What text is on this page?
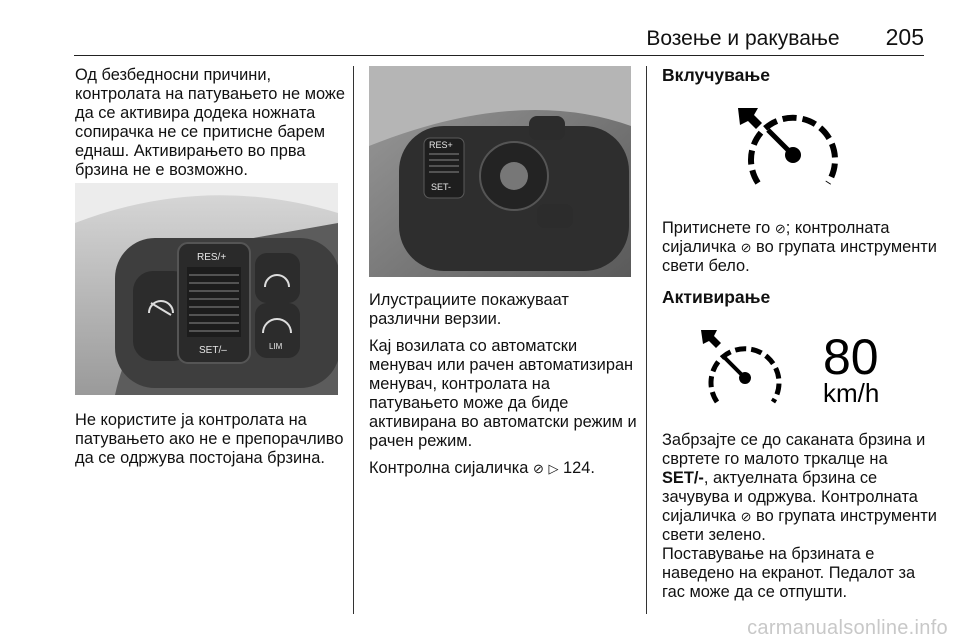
Возење и ракување 205

Од безбедносни причини, контролата на патувањето не може да се активира додека ножната сопирачка не се притисне барем еднаш. Активирањето во прва брзина не е возможно.

RES/+
SET/–	LIM

Не користите ја контролата на патувањето ако не е препорачливо да се одржува постојана брзина.

RES+
SET-

Илустрациите покажуваат различни верзии.

Кај возилата со автоматски менувач или рачен автоматизиран менувач, контролата на патувањето може да биде активирана во автоматски режим и рачен режим.

Контролна сијаличка ⊘ ▷ 124.

Вклучување

Притиснете го ⊘; контролната сијаличка ⊘ во групата инструменти свети бело.

Активирање
80
km/h

Забрзајте се до саканата брзина и свртете го малото тркалце на SET/-, актуелната брзина се зачувува и одржува. Контролната сијаличка ⊘ во групата инструменти свети зелено.

Поставување на брзината е наведено на екранот. Педалот за гас може да се отпушти.

carmanualsonline.info
